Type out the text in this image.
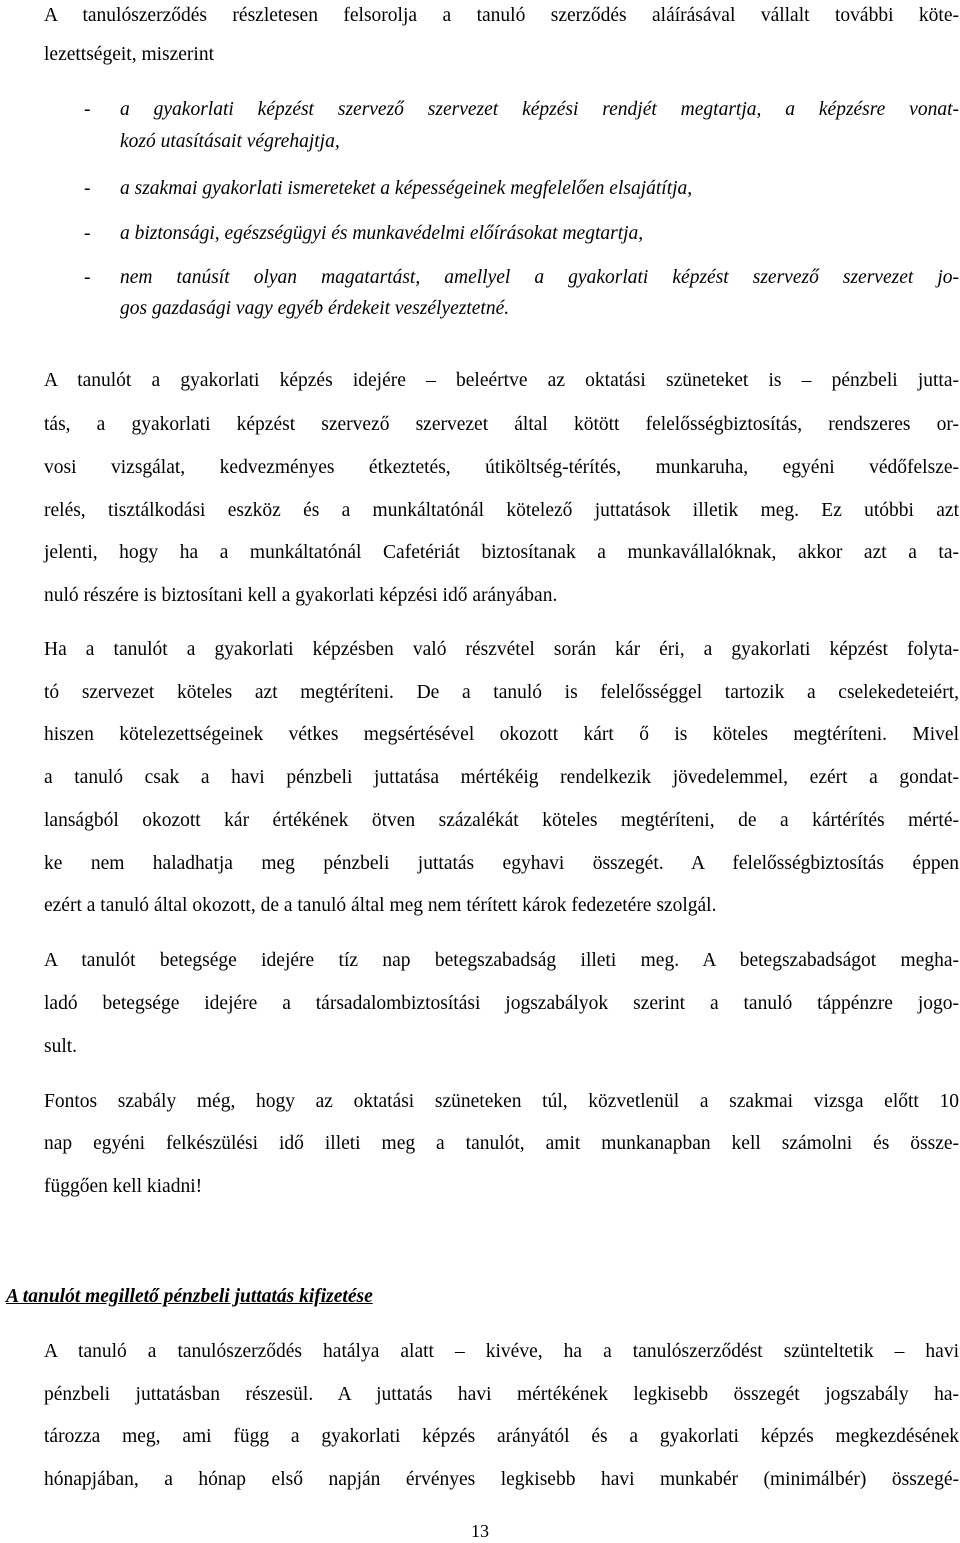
A tanulószerződés részletesen felsorolja a tanuló szerződés aláírásával vállalt további köte-
lezettségeit, miszerint
- a gyakorlati képzést szervező szervezet képzési rendjét megtartja, a képzésre vonat-
kozó utasításait végrehajtja,
- a szakmai gyakorlati ismereteket a képességeinek megfelelően elsajátítja,
- a biztonsági, egészségügyi és munkavédelmi előírásokat megtartja,
- nem tanúsít olyan magatartást, amellyel a gyakorlati képzést szervező szervezet jo-
gos gazdasági vagy egyéb érdekeit veszélyeztetné.
A tanulót a gyakorlati képzés idejére – beleértve az oktatási szüneteket is – pénzbeli jutta-
tás, a gyakorlati képzést szervező szervezet által kötött felelősségbiztosítás, rendszeres or-
vosi vizsgálat, kedvezményes étkeztetés, útiköltség-térítés, munkaruha, egyéni védőfelsze-
relés, tisztálkodási eszköz és a munkáltatónál kötelező juttatások illetik meg. Ez utóbbi azt
jelenti, hogy ha a munkáltatónál Cafetériát biztosítanak a munkavállalóknak, akkor azt a ta-
nuló részére is biztosítani kell a gyakorlati képzési idő arányában.
Ha a tanulót a gyakorlati képzésben való részvétel során kár éri, a gyakorlati képzést folyta-
tó szervezet köteles azt megtéríteni. De a tanuló is felelősséggel tartozik a cselekedeteiért,
hiszen kötelezettségeinek vétkes megsértésével okozott kárt ő is köteles megtéríteni. Mivel
a tanuló csak a havi pénzbeli juttatása mértékéig rendelkezik jövedelemmel, ezért a gondat-
lanságból okozott kár értékének ötven százalékát köteles megtéríteni, de a kártérítés mérté-
ke nem haladhatja meg pénzbeli juttatás egyhavi összegét. A felelősségbiztosítás éppen
ezért a tanuló által okozott, de a tanuló által meg nem térített károk fedezetére szolgál.
A tanulót betegsége idejére tíz nap betegszabadság illeti meg. A betegszabadságot megha-
ladó betegsége idejére a társadalombiztosítási jogszabályok szerint a tanuló táppénzre jogo-
sult.
Fontos szabály még, hogy az oktatási szüneteken túl, közvetlenül a szakmai vizsga előtt 10
nap egyéni felkészülési idő illeti meg a tanulót, amit munkanapban kell számolni és össze-
függően kell kiadni!
A tanulót megillető pénzbeli juttatás kifizetése
A tanuló a tanulószerződés hatálya alatt – kivéve, ha a tanulószerződést szünteltetik – havi
pénzbeli juttatásban részesül. A juttatás havi mértékének legkisebb összegét jogszabály ha-
tározza meg, ami függ a gyakorlati képzés arányától és a gyakorlati képzés megkezdésének
hónapjában, a hónap első napján érvényes legkisebb havi munkabér (minimálbér) összegé-
13
